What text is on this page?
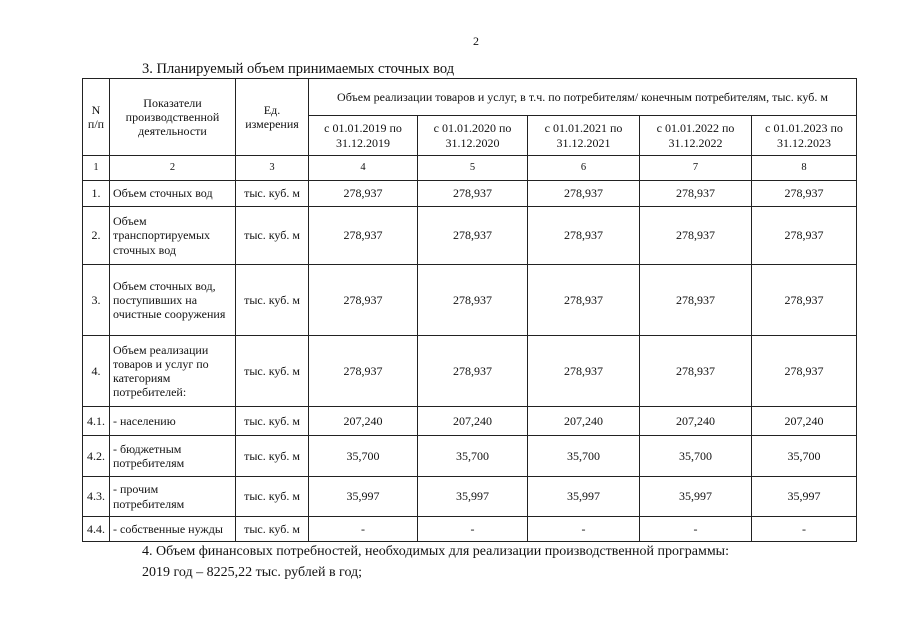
2
3. Планируемый объем принимаемых сточных вод
N п/п	Показатели производственной деятельности	Ед. измерения	Объем реализации товаров и услуг, в т.ч. по потребителям/ конечным потребителям, тыс. куб. м				
			с 01.01.2019 по 31.12.2019	с 01.01.2020 по 31.12.2020	с 01.01.2021 по 31.12.2021	с 01.01.2022 по 31.12.2022	с 01.01.2023 по 31.12.2023
1	2	3	4	5	6	7	8
1.	Объем сточных вод	тыс. куб. м	278,937	278,937	278,937	278,937	278,937
2.	Объем транспортируемых сточных вод	тыс. куб. м	278,937	278,937	278,937	278,937	278,937
3.	Объем сточных вод, поступивших на очистные сооружения	тыс. куб. м	278,937	278,937	278,937	278,937	278,937
4.	Объем реализации товаров и услуг по категориям потребителей:	тыс. куб. м	278,937	278,937	278,937	278,937	278,937
4.1.	- населению	тыс. куб. м	207,240	207,240	207,240	207,240	207,240
4.2.	- бюджетным потребителям	тыс. куб. м	35,700	35,700	35,700	35,700	35,700
4.3.	- прочим потребителям	тыс. куб. м	35,997	35,997	35,997	35,997	35,997
4.4.	- собственные нужды	тыс. куб. м	-	-	-	-	-
4. Объем финансовых потребностей, необходимых для реализации производственной программы:
2019 год – 8225,22 тыс. рублей в год;
